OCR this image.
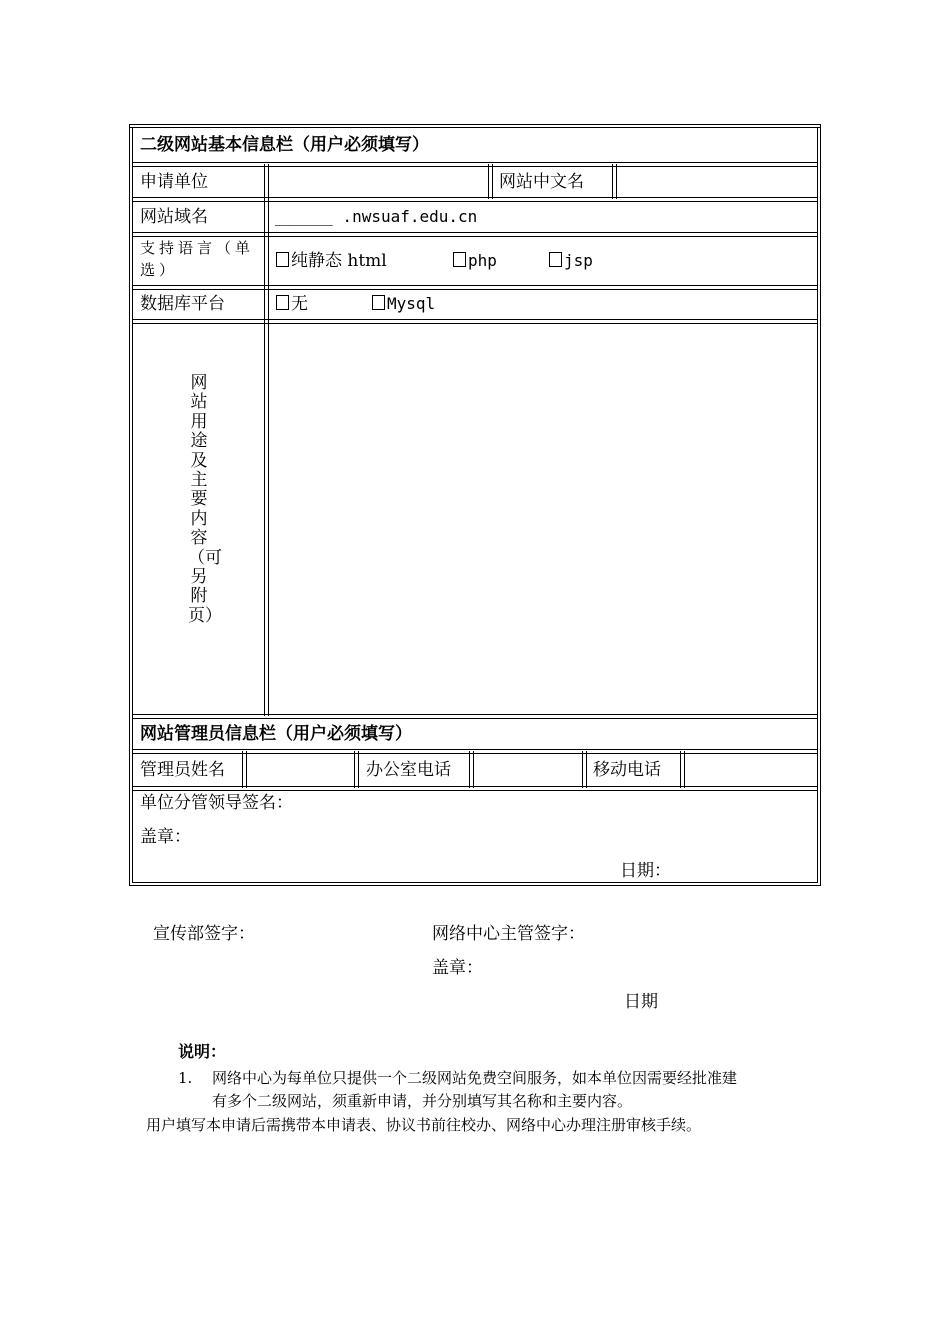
二级网站基本信息栏（用户必须填写）
申请单位	网站中文名
网站域名	______ .nwsuaf.edu.cn
支持语言（单选）	纯静态 html	php	jsp
数据库平台	无	Mysql
网站用途及主要内容（可另附页）
网站管理员信息栏（用户必须填写）
管理员姓名	办公室电话	移动电话
单位分管领导签名：
盖章：
日期：
宣传部签字：	网络中心主管签字：
盖章：
日期
说明：
1. 网络中心为每单位只提供一个二级网站免费空间服务，如本单位因需要经批准建
有多个二级网站，须重新申请，并分别填写其名称和主要内容。
用户填写本申请后需携带本申请表、协议书前往校办、网络中心办理注册审核手续。
